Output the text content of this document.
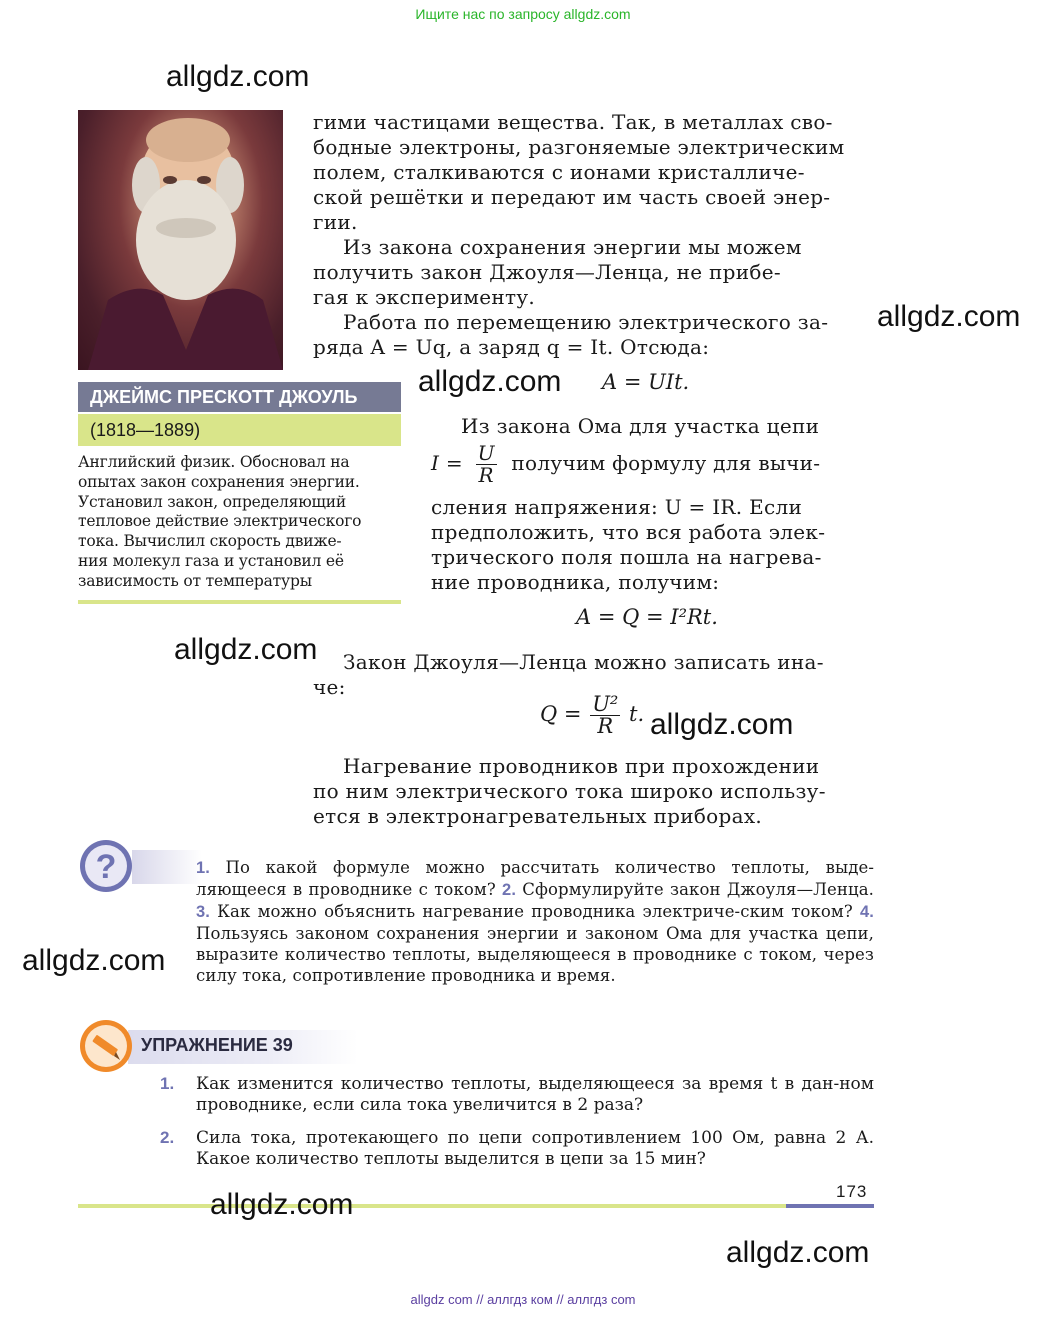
Ищите нас по запросу allgdz.com
allgdz com // аллгдз ком // аллгдз com
ДЖЕЙМС ПРЕСКОТТ ДЖОУЛЬ
(1818—1889)
Английский физик. Обосновал на
опытах закон сохранения энергии.
Установил закон, определяющий
тепловое действие электрического
тока. Вычислил скорость движе-
ния молекул газа и установил её
зависимость от температуры
гими частицами вещества. Так, в металлах сво-
бодные электроны, разгоняемые электрическим
полем, сталкиваются с ионами кристалличе-
ской решётки и передают им часть своей энер-
гии.
Из закона сохранения энергии мы можем
получить закон Джоуля—Ленца, не прибе-
гая к эксперименту.
Работа по перемещению электрического за-
ряда A = Uq, а заряд q = It. Отсюда:
A = UIt.
Из закона Ома для участка цепи
$I = \frac{U}{R}$ получим формулу для вычи-
сления напряжения: U = IR. Если
предположить, что вся работа элек-
трического поля пошла на нагрева-
ние проводника, получим:
A = Q = I²Rt.
Закон Джоуля—Ленца можно записать ина-
че:
$Q = \frac{\text{U²}}{R} t$.
Нагревание проводников при прохождении
по ним электрического тока широко использу-
ется в электронагревательных приборах.
?	1. По какой формуле можно рассчитать количество теплоты, выде-ляющееся в проводнике с током? 2. Сформулируйте закон Джоуля—Ленца. 3. Как можно объяснить нагревание проводника электриче-ским током? 4. Пользуясь законом сохранения энергии и законом Ома для участка цепи, выразите количество теплоты, выделяющееся в проводнике с током, через силу тока, сопротивление проводника и время.
УПРАЖНЕНИЕ 39
1. Как изменится количество теплоты, выделяющееся за время t в дан-ном проводнике, если сила тока увеличится в 2 раза?
2. Сила тока, протекающего по цепи сопротивлением 100 Ом, равна 2 А. Какое количество теплоты выделится в цепи за 15 мин?
173
allgdz.com
allgdz.com
allgdz.com
allgdz.com
allgdz.com
allgdz.com
allgdz.com
allgdz.com
